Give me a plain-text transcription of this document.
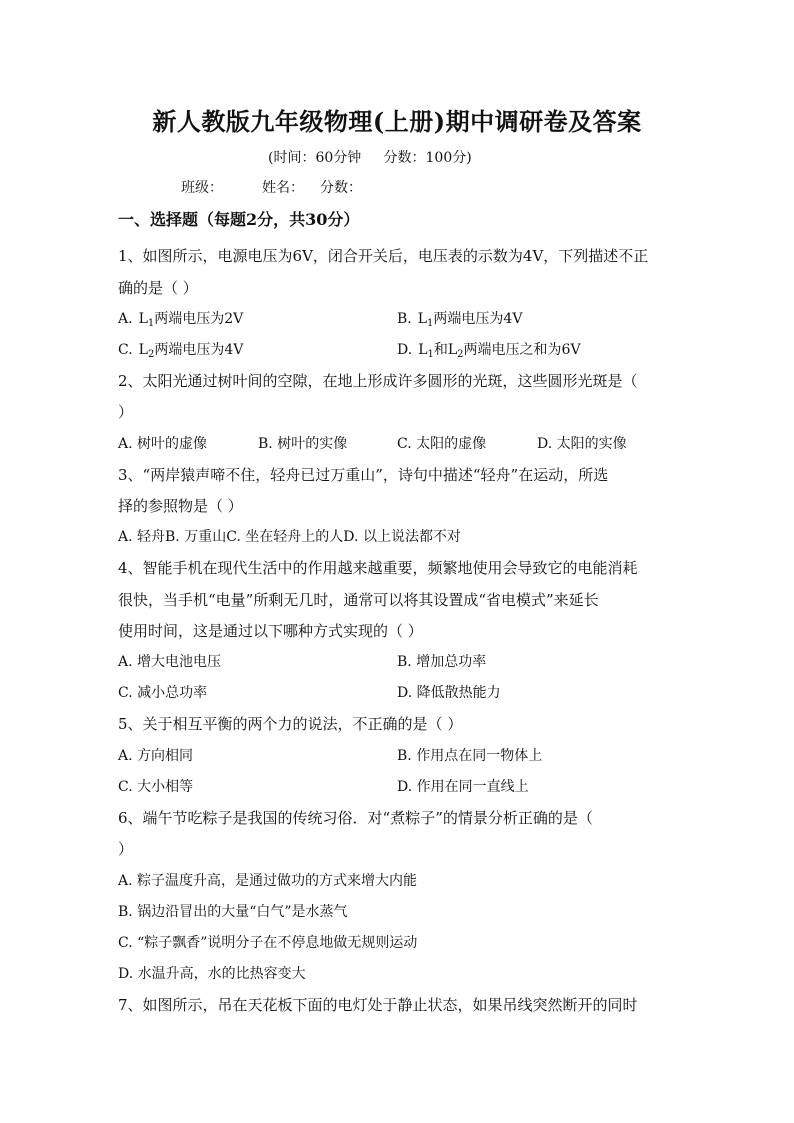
新人教版九年级物理(上册)期中调研卷及答案
(时间：60分钟     分数：100分)
班级：	姓名： 分数：
一、选择题（每题2分，共30分）
1、如图所示，电源电压为6V，闭合开关后，电压表的示数为4V，下列描述不正
确的是（ ）
A. $L_1$两端电压为2V	B. $L_1$两端电压为4V
C. $L_2$两端电压为4V	D. $L_1$和$L_2$两端电压之和为6V
2、太阳光通过树叶间的空隙，在地上形成许多圆形的光斑，这些圆形光斑是（
）
A. 树叶的虚像	B. 树叶的实像	C. 太阳的虚像	D. 太阳的实像
3、“两岸猿声啼不住，轻舟已过万重山”，诗句中描述“轻舟”在运动，所选
择的参照物是（ ）
A. 轻舟B. 万重山C. 坐在轻舟上的人D. 以上说法都不对
4、智能手机在现代生活中的作用越来越重要，频繁地使用会导致它的电能消耗
很快，当手机“电量”所剩无几时，通常可以将其设置成“省电模式”来延长
使用时间，这是通过以下哪种方式实现的（ ）
A. 增大电池电压	B. 增加总功率
C. 减小总功率	D. 降低散热能力
5、关于相互平衡的两个力的说法，不正确的是（ ）
A. 方向相同	B. 作用点在同一物体上
C. 大小相等	D. 作用在同一直线上
6、端午节吃粽子是我国的传统习俗．对“煮粽子”的情景分析正确的是（
）
A. 粽子温度升高，是通过做功的方式来增大内能
B. 锅边沿冒出的大量“白气”是水蒸气
C. “粽子飘香”说明分子在不停息地做无规则运动
D. 水温升高，水的比热容变大
7、如图所示，吊在天花板下面的电灯处于静止状态，如果吊线突然断开的同时
